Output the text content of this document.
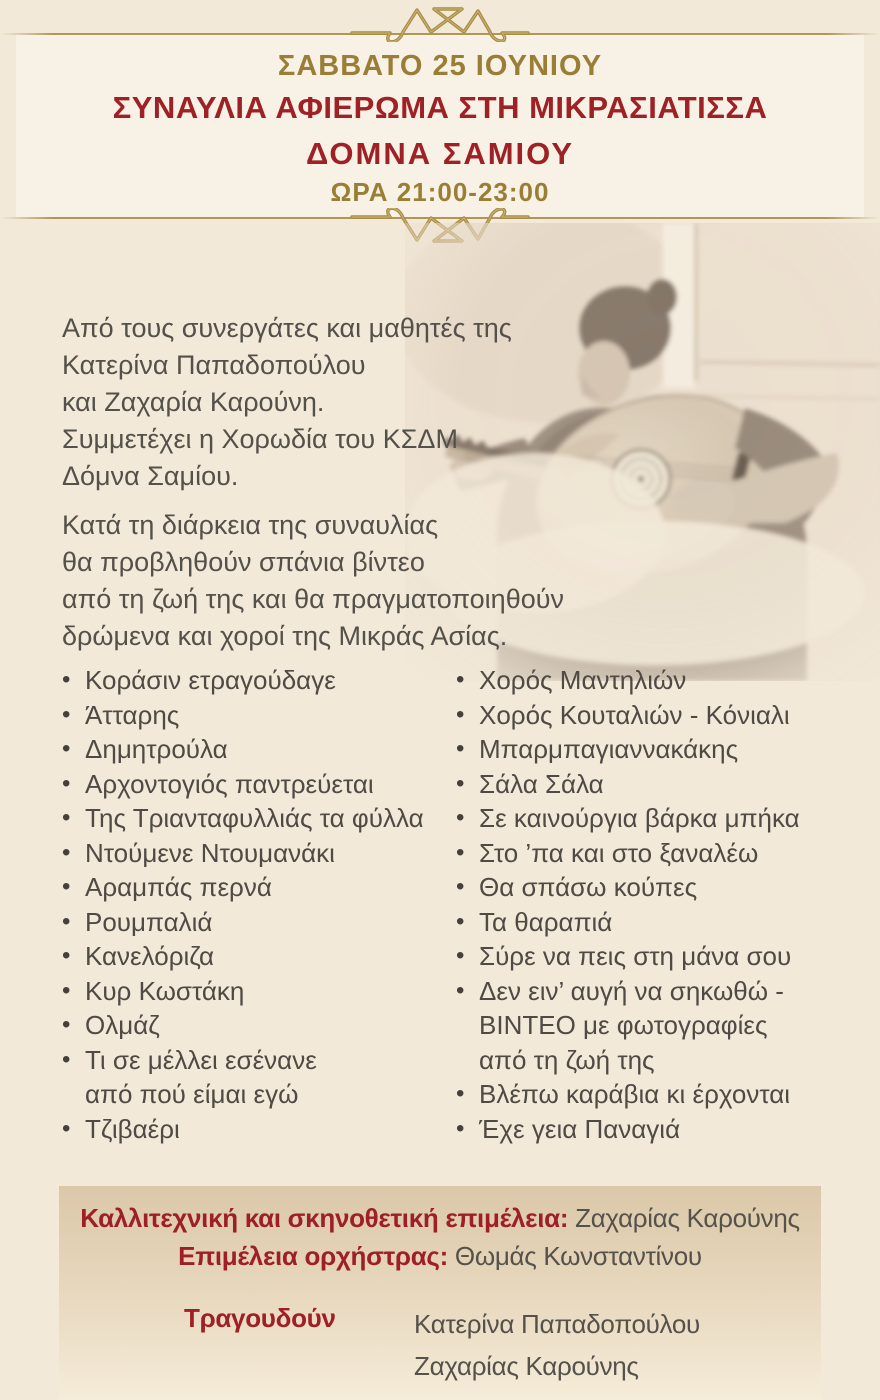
ΣΑΒΒΑΤΟ 25 ΙΟΥΝΙΟΥ
ΣΥΝΑΥΛΙΑ ΑΦΙΕΡΩΜΑ ΣΤΗ ΜΙΚΡΑΣΙΑΤΙΣΣΑ
ΔΟΜΝΑ ΣΑΜΙΟΥ
ΩΡΑ 21:00-23:00
Από τους συνεργάτες και μαθητές της
Κατερίνα Παπαδοπούλου
και Ζαχαρία Καρούνη.
Συμμετέχει η Χορωδία του ΚΣΔΜ
Δόμνα Σαμίου.
Κατά τη διάρκεια της συναυλίας
θα προβληθούν σπάνια βίντεο
από τη ζωή της και θα πραγματοποιηθούν
δρώμενα και χοροί της Μικράς Ασίας.
• Κοράσιν ετραγούδαγε
• Άτταρης
• Δημητρούλα
• Αρχοντογιός παντρεύεται
• Της Τριανταφυλλιάς τα φύλλα
• Ντούμενε Ντουμανάκι
• Αραμπάς περνά
• Ρουμπαλιά
• Κανελόριζα
• Κυρ Κωστάκη
• Ολμάζ
• Τι σε μέλλει εσένανε
από πού είμαι εγώ
• Τζιβαέρι
• Χορός Μαντηλιών
• Χορός Κουταλιών - Κόνιαλι
• Μπαρμπαγιαννακάκης
• Σάλα Σάλα
• Σε καινούργια βάρκα μπήκα
• Στο ’πα και στο ξαναλέω
• Θα σπάσω κούπες
• Τα θαραπιά
• Σύρε να πεις στη μάνα σου
• Δεν ειν’ αυγή να σηκωθώ -
ΒΙΝΤΕΟ με φωτογραφίες
από τη ζωή της
• Βλέπω καράβια κι έρχονται
• Έχε γεια Παναγιά
Καλλιτεχνική και σκηνοθετική επιμέλεια: Ζαχαρίας Καρούνης
Επιμέλεια ορχήστρας: Θωμάς Κωνσταντίνου
Τραγουδούν	Κατερίνα Παπαδοπούλου
Ζαχαρίας Καρούνης
